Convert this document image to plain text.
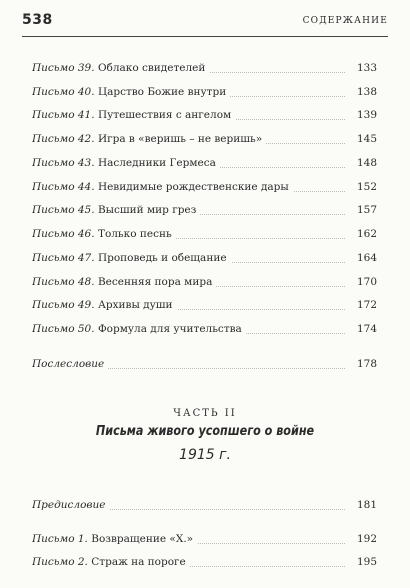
538	СОДЕРЖАНИЕ
Письмо 39. Облако свидетелей	133
Письмо 40. Царство Божие внутри	138
Письмо 41. Путешествия с ангелом	139
Письмо 42. Игра в «веришь – не веришь»	145
Письмо 43. Наследники Гермеса	148
Письмо 44. Невидимые рождественские дары	152
Письмо 45. Высший мир грез	157
Письмо 46. Только песнь	162
Письмо 47. Проповедь и обещание	164
Письмо 48. Весенняя пора мира	170
Письмо 49. Архивы души	172
Письмо 50. Формула для учительства	174
Послесловие	178
ЧАСТЬ II
Письма живого усопшего о войне
1915 г.
Предисловие	181
Письмо 1. Возвращение «Х.»	192
Письмо 2. Страж на пороге	195
